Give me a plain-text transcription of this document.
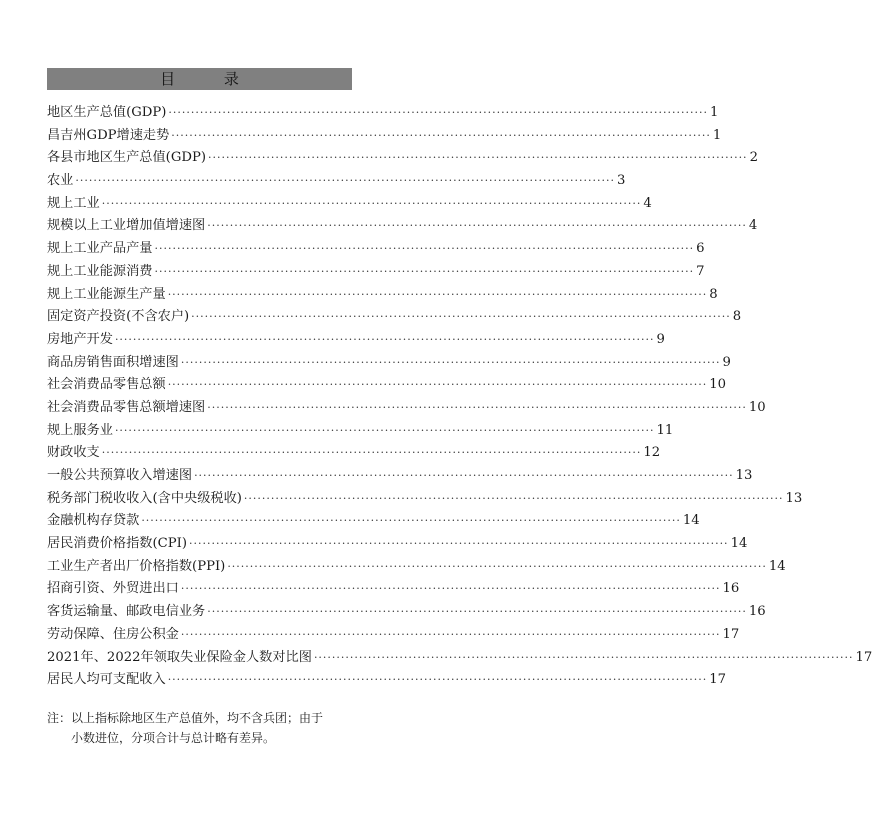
目 录
地区生产总值(GDP) ························································································································ 1
昌吉州GDP增速走势 ························································································································ 1
各县市地区生产总值(GDP) ························································································································ 2
农业 ························································································································ 3
规上工业 ························································································································ 4
规模以上工业增加值增速图 ························································································································ 4
规上工业产品产量 ························································································································ 6
规上工业能源消费 ························································································································ 7
规上工业能源生产量 ························································································································ 8
固定资产投资(不含农户) ························································································································ 8
房地产开发 ························································································································ 9
商品房销售面积增速图 ························································································································ 9
社会消费品零售总额 ························································································································ 10
社会消费品零售总额增速图 ························································································································ 10
规上服务业 ························································································································ 11
财政收支 ························································································································ 12
一般公共预算收入增速图 ························································································································ 13
税务部门税收收入(含中央级税收) ························································································································ 13
金融机构存贷款 ························································································································ 14
居民消费价格指数(CPI) ························································································································ 14
工业生产者出厂价格指数(PPI) ························································································································ 14
招商引资、外贸进出口 ························································································································ 16
客货运输量、邮政电信业务 ························································································································ 16
劳动保障、住房公积金 ························································································································ 17
2021年、2022年领取失业保险金人数对比图 ························································································································ 17
居民人均可支配收入 ························································································································ 17
注：以上指标除地区生产总值外，均不含兵团；由于
小数进位，分项合计与总计略有差异。
